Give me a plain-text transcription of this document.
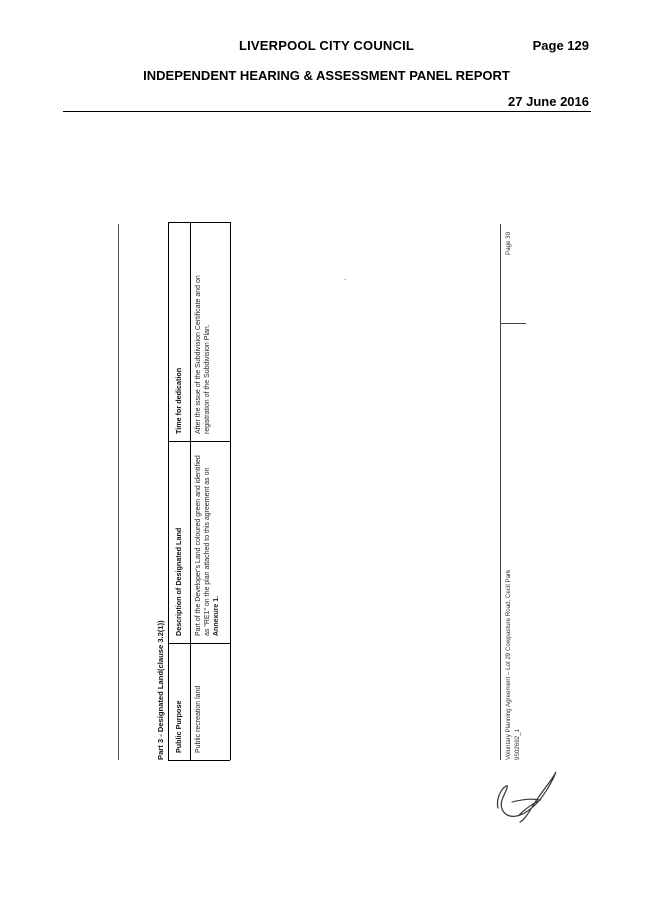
LIVERPOOL CITY COUNCIL	Page 129
INDEPENDENT HEARING & ASSESSMENT PANEL REPORT
27 June 2016
Part 3 - Designated Land(clause 3.2(1)) Public Purpose
Description of Designated Land
Time for dedication
Public recreation land
Part of the Developer's Land coloured green and identified as "RE1" on the plan attached to this agreement as on Annexure 1.
After the issue of the Subdivision Certificate and on registration of the Subdivision Plan.
Voluntary Planning Agreement – Lot 29 Cowpasture Road, Cecil Park 9502692_1
Page 30
